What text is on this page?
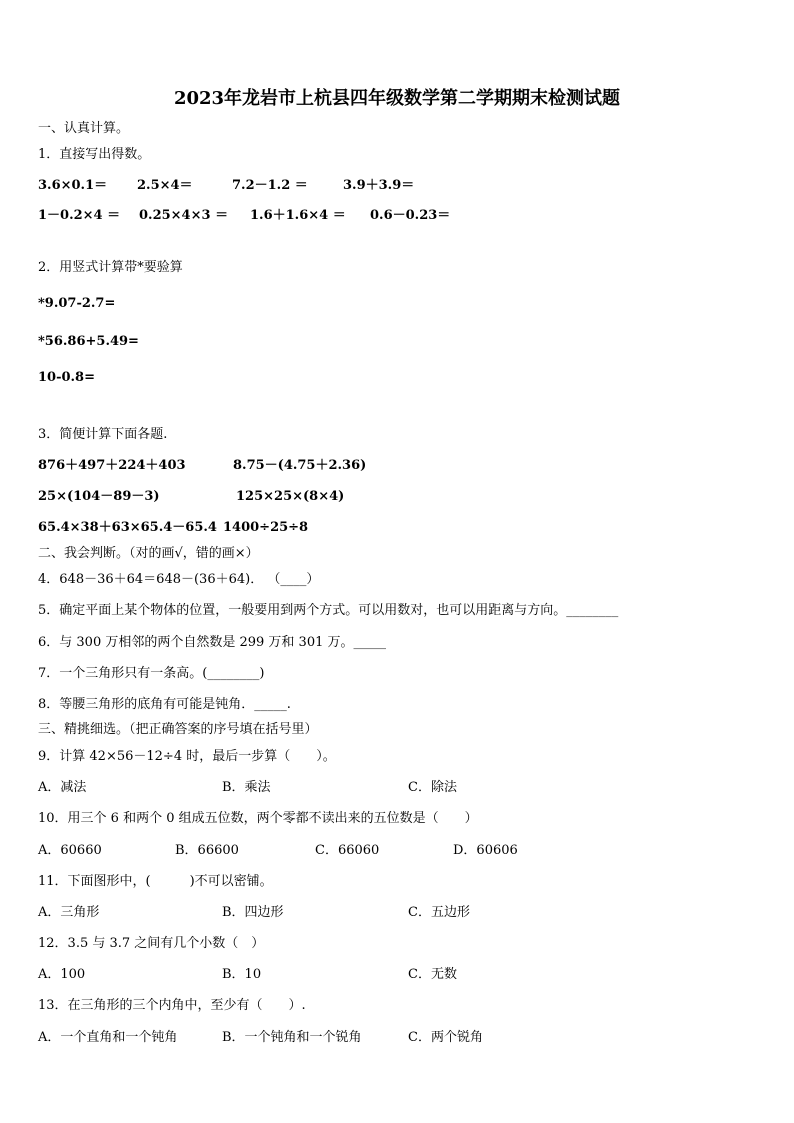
2023年龙岩市上杭县四年级数学第二学期期末检测试题
一、认真计算。
1．直接写出得数。
3.6×0.1＝ 2.5×4＝	7.2－1.2 ＝	3.9＋3.9＝
1－0.2×4 ＝ 0.25×4×3 ＝ 1.6＋1.6×4 ＝ 0.6－0.23＝
2．用竖式计算带*要验算
*9.07-2.7=
*56.86+5.49=
10-0.8=
3．简便计算下面各题.
876＋497＋224＋403	8.75－(4.75＋2.36)
25×(104－89－3)	125×25×(8×4)
65.4×38＋63×65.4－65.4 1400÷25÷8
二、我会判断。（对的画√，错的画×）
4．648－36＋64＝648－(36＋64)． （____）
5．确定平面上某个物体的位置，一般要用到两个方式。可以用数对，也可以用距离与方向。________
6．与 300 万相邻的两个自然数是 299 万和 301 万。_____
7．一个三角形只有一条高。(________)
8．等腰三角形的底角有可能是钝角．_____.
三、精挑细选。（把正确答案的序号填在括号里）
9．计算 42×56－12÷4 时，最后一步算（　　）。
A．减法	B．乘法	C．除法
10．用三个 6 和两个 0 组成五位数，两个零都不读出来的五位数是（　　）
A．60660	B．66600	C．66060	D．60606
11．下面图形中，(　　　)不可以密铺。
A．三角形	B．四边形	C．五边形
12．3.5 与 3.7 之间有几个小数（　）
A．100	B．10	C．无数
13．在三角形的三个内角中，至少有（　　）.
A．一个直角和一个钝角	B．一个钝角和一个锐角	C．两个锐角
